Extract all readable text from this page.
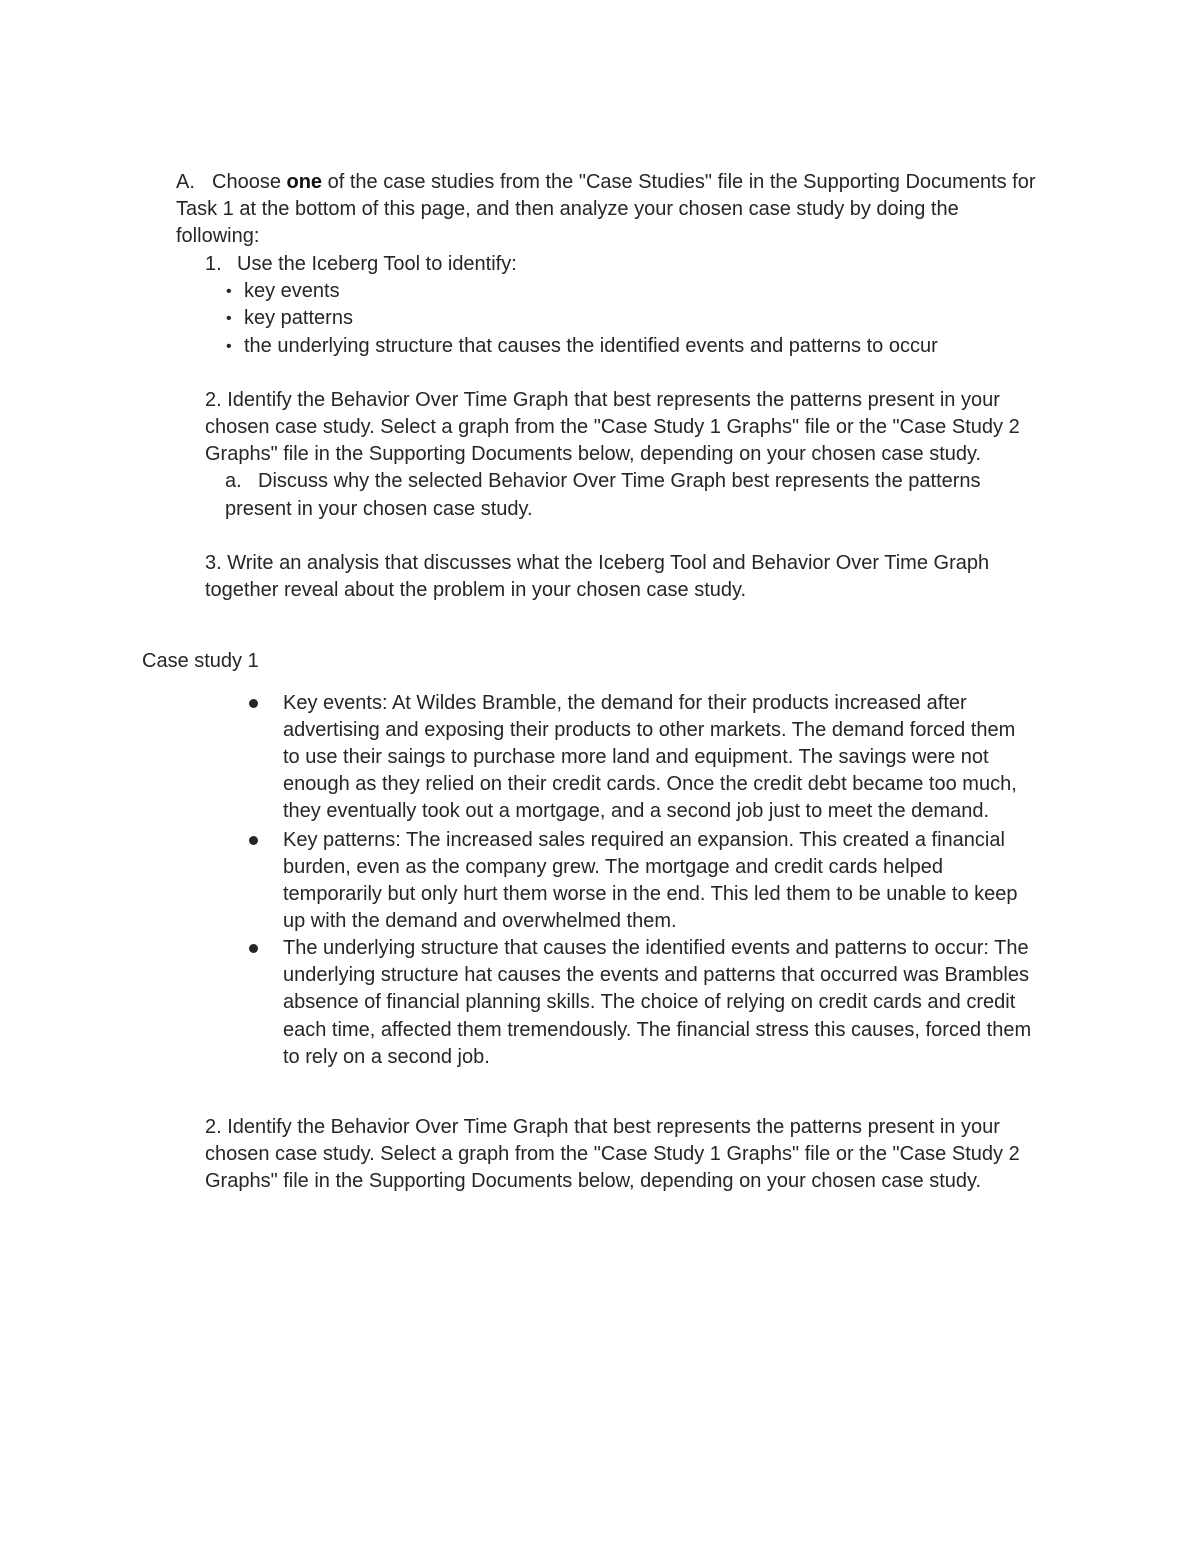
A. Choose one of the case studies from the "Case Studies" file in the Supporting Documents for
Task 1 at the bottom of this page, and then analyze your chosen case study by doing the
following:
1. Use the Iceberg Tool to identify:
• key events
• key patterns
• the underlying structure that causes the identified events and patterns to occur
2. Identify the Behavior Over Time Graph that best represents the patterns present in your
chosen case study. Select a graph from the "Case Study 1 Graphs" file or the "Case Study 2
Graphs" file in the Supporting Documents below, depending on your chosen case study.
a. Discuss why the selected Behavior Over Time Graph best represents the patterns
present in your chosen case study.
3. Write an analysis that discusses what the Iceberg Tool and Behavior Over Time Graph
together reveal about the problem in your chosen case study.
Case study 1
Key events: At Wildes Bramble, the demand for their products increased after
advertising and exposing their products to other markets. The demand forced them
to use their saings to purchase more land and equipment. The savings were not
enough as they relied on their credit cards. Once the credit debt became too much,
they eventually took out a mortgage, and a second job just to meet the demand.
Key patterns: The increased sales required an expansion. This created a financial
burden, even as the company grew. The mortgage and credit cards helped
temporarily but only hurt them worse in the end. This led them to be unable to keep
up with the demand and overwhelmed them.
The underlying structure that causes the identified events and patterns to occur: The
underlying structure hat causes the events and patterns that occurred was Brambles
absence of financial planning skills. The choice of relying on credit cards and credit
each time, affected them tremendously. The financial stress this causes, forced them
to rely on a second job.
2. Identify the Behavior Over Time Graph that best represents the patterns present in your
chosen case study. Select a graph from the "Case Study 1 Graphs" file or the "Case Study 2
Graphs" file in the Supporting Documents below, depending on your chosen case study.
